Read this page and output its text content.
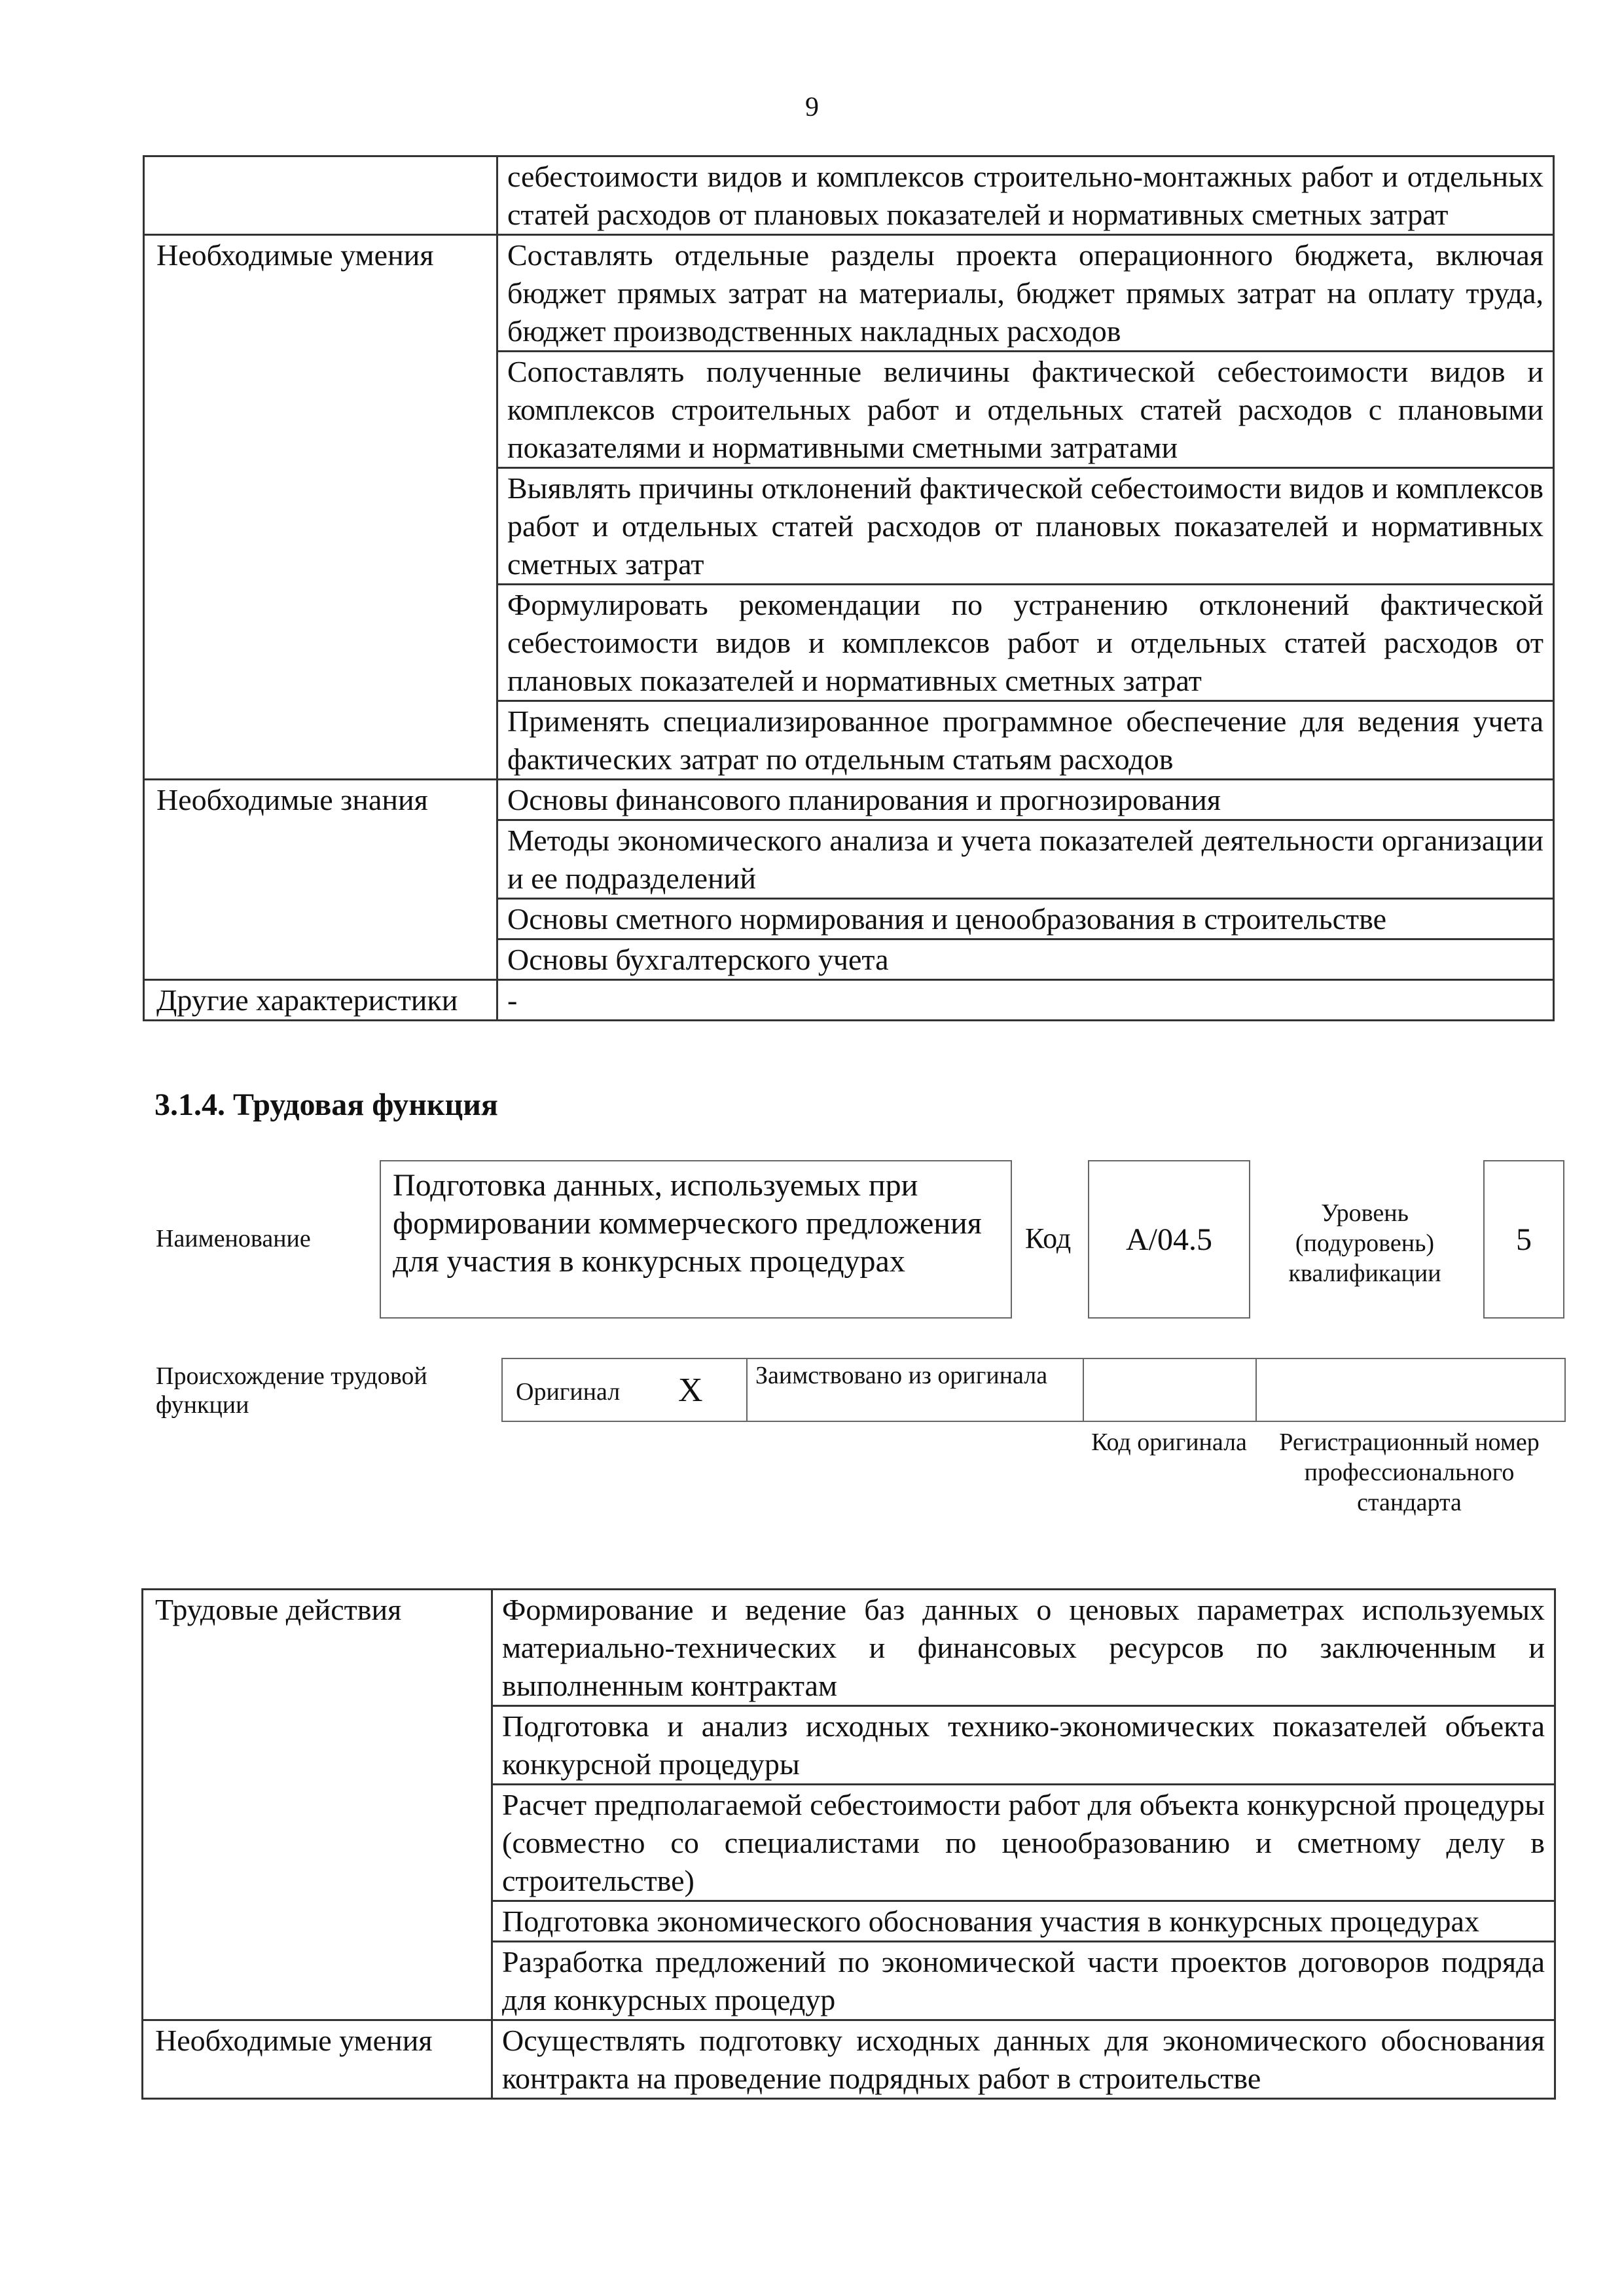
9
	себестоимости видов и комплексов строительно-монтажных работ и отдельных статей расходов от плановых показателей и нормативных сметных затрат
Необходимые умения	Составлять отдельные разделы проекта операционного бюджета, включая бюджет прямых затрат на материалы, бюджет прямых затрат на оплату труда, бюджет производственных накладных расходов
	Сопоставлять полученные величины фактической себестоимости видов и комплексов строительных работ и отдельных статей расходов с плановыми показателями и нормативными сметными затратами
	Выявлять причины отклонений фактической себестоимости видов и комплексов работ и отдельных статей расходов от плановых показателей и нормативных сметных затрат
	Формулировать рекомендации по устранению отклонений фактической себестоимости видов и комплексов работ и отдельных статей расходов от плановых показателей и нормативных сметных затрат
	Применять специализированное программное обеспечение для ведения учета фактических затрат по отдельным статьям расходов
Необходимые знания	Основы финансового планирования и прогнозирования
	Методы экономического анализа и учета показателей деятельности организации и ее подразделений
	Основы сметного нормирования и ценообразования в строительстве
	Основы бухгалтерского учета
Другие характеристики	-
3.1.4. Трудовая функция
Наименование
Подготовка данных, используемых при формировании коммерческого предложения для участия в конкурсных процедурах
Код	A/04.5
Уровень (подуровень) квалификации
5
Происхождение трудовой функции	Оригинал X Заимствовано из оригинала
Код оригинала	Регистрационный номер профессионального стандарта
Трудовые действия	Формирование и ведение баз данных о ценовых параметрах используемых материально-технических и финансовых ресурсов по заключенным и выполненным контрактам
	Подготовка и анализ исходных технико-экономических показателей объекта конкурсной процедуры
	Расчет предполагаемой себестоимости работ для объекта конкурсной процедуры (совместно со специалистами по ценообразованию и сметному делу в строительстве)
	Подготовка экономического обоснования участия в конкурсных процедурах
	Разработка предложений по экономической части проектов договоров подряда для конкурсных процедур
Необходимые умения	Осуществлять подготовку исходных данных для экономического обоснования контракта на проведение подрядных работ в строительстве
